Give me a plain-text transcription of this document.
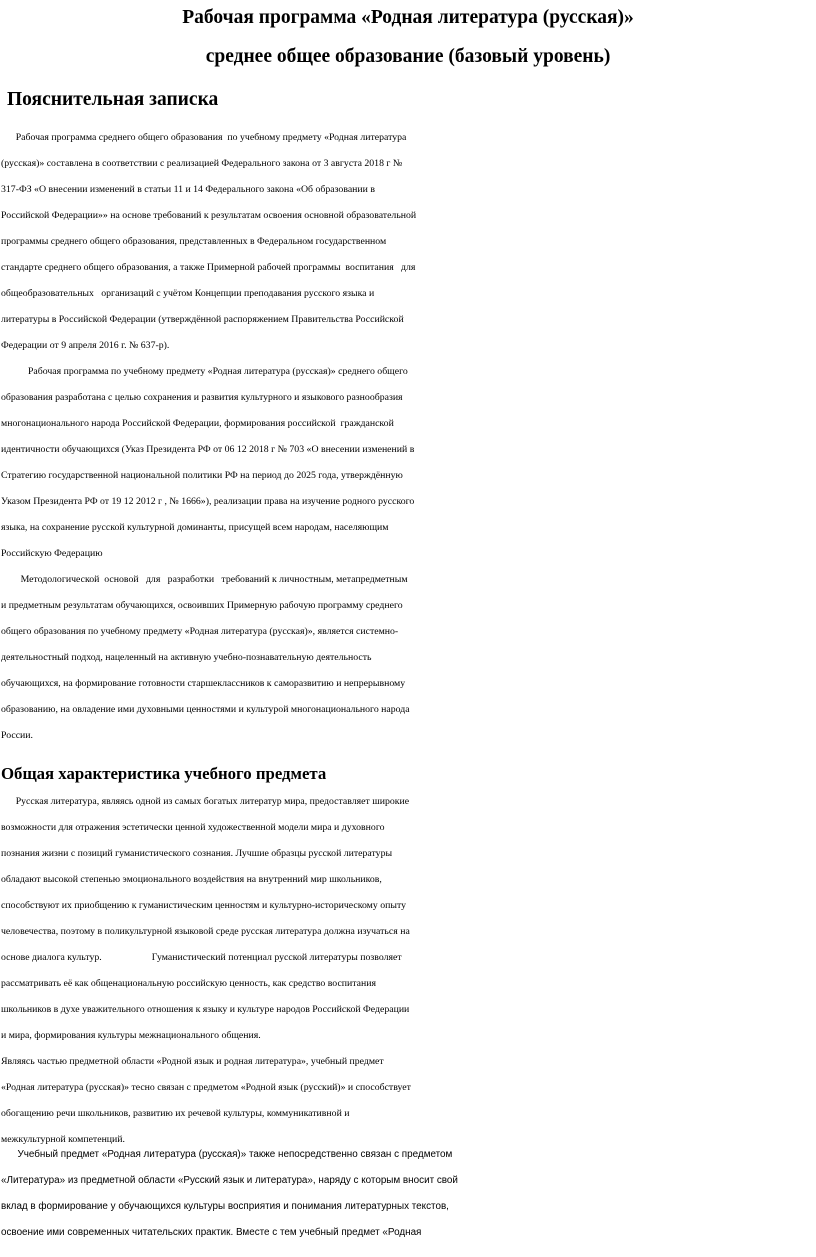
Рабочая программа «Родная литература (русская)»
среднее общее образование (базовый уровень)
Пояснительная записка
Рабочая программа среднего общего образования  по учебному предмету «Родная литература
(русская)» составлена в соответствии с реализацией Федерального закона от 3 августа 2018 г №
317-ФЗ «О внесении изменений в статьи 11 и 14 Федерального закона «Об образовании в
Российской Федерации»» на основе требований к результатам освоения основной образовательной
программы среднего общего образования, представленных в Федеральном государственном
стандарте среднего общего образования, а также Примерной рабочей программы  воспитания   для
общеобразовательных   организаций с учётом Концепции преподавания русского языка и
литературы в Российской Федерации (утверждённой распоряжением Правительства Российской
Федерации от 9 апреля 2016 г. № 637-р).
Рабочая программа по учебному предмету «Родная литература (русская)» среднего общего
образования разработана с целью сохранения и развития культурного и языкового разнообразия
многонационального народа Российской Федерации, формирования российской  гражданской
идентичности обучающихся (Указ Президента РФ от 06 12 2018 г № 703 «О внесении изменений в
Стратегию государственной национальной политики РФ на период до 2025 года, утверждённую
Указом Президента РФ от 19 12 2012 г , № 1666»), реализации права на изучение родного русского
языка, на сохранение русской культурной доминанты, присущей всем народам, населяющим
Российскую Федерацию
Методологической  основой   для   разработки   требований к личностным, метапредметным
и предметным результатам обучающихся, освоивших Примерную рабочую программу среднего
общего образования по учебному предмету «Родная литература (русская)», является системно-
деятельностный подход, нацеленный на активную учебно-познавательную деятельность
обучающихся, на формирование готовности старшеклассников к саморазвитию и непрерывному
образованию, на овладение ими духовными ценностями и культурой многонационального народа
России.
Общая характеристика учебного предмета
Русская литература, являясь одной из самых богатых литератур мира, предоставляет широкие
возможности для отражения эстетически ценной художественной модели мира и духовного
познания жизни с позиций гуманистического сознания. Лучшие образцы русской литературы
обладают высокой степенью эмоционального воздействия на внутренний мир школьников,
способствуют их приобщению к гуманистическим ценностям и культурно-историческому опыту
человечества, поэтому в поликультурной языковой среде русская литература должна изучаться на
основе диалога культур.	Гуманистический потенциал русской литературы позволяет
рассматривать её как общенациональную российскую ценность, как средство воспитания
школьников в духе уважительного отношения к языку и культуре народов Российской Федерации
и мира, формирования культуры межнационального общения.
Являясь частью предметной области «Родной язык и родная литература», учебный предмет
«Родная литература (русская)» тесно связан с предметом «Родной язык (русский)» и способствует
обогащению речи школьников, развитию их речевой культуры, коммуникативной и
межкультурной компетенций.
Учебный предмет «Родная литература (русская)» также непосредственно связан с предметом
«Литература» из предметной области «Русский язык и литература», наряду с которым вносит свой
вклад в формирование у обучающихся культуры восприятия и понимания литературных текстов,
освоение ими современных читательских практик. Вместе с тем учебный предмет «Родная
